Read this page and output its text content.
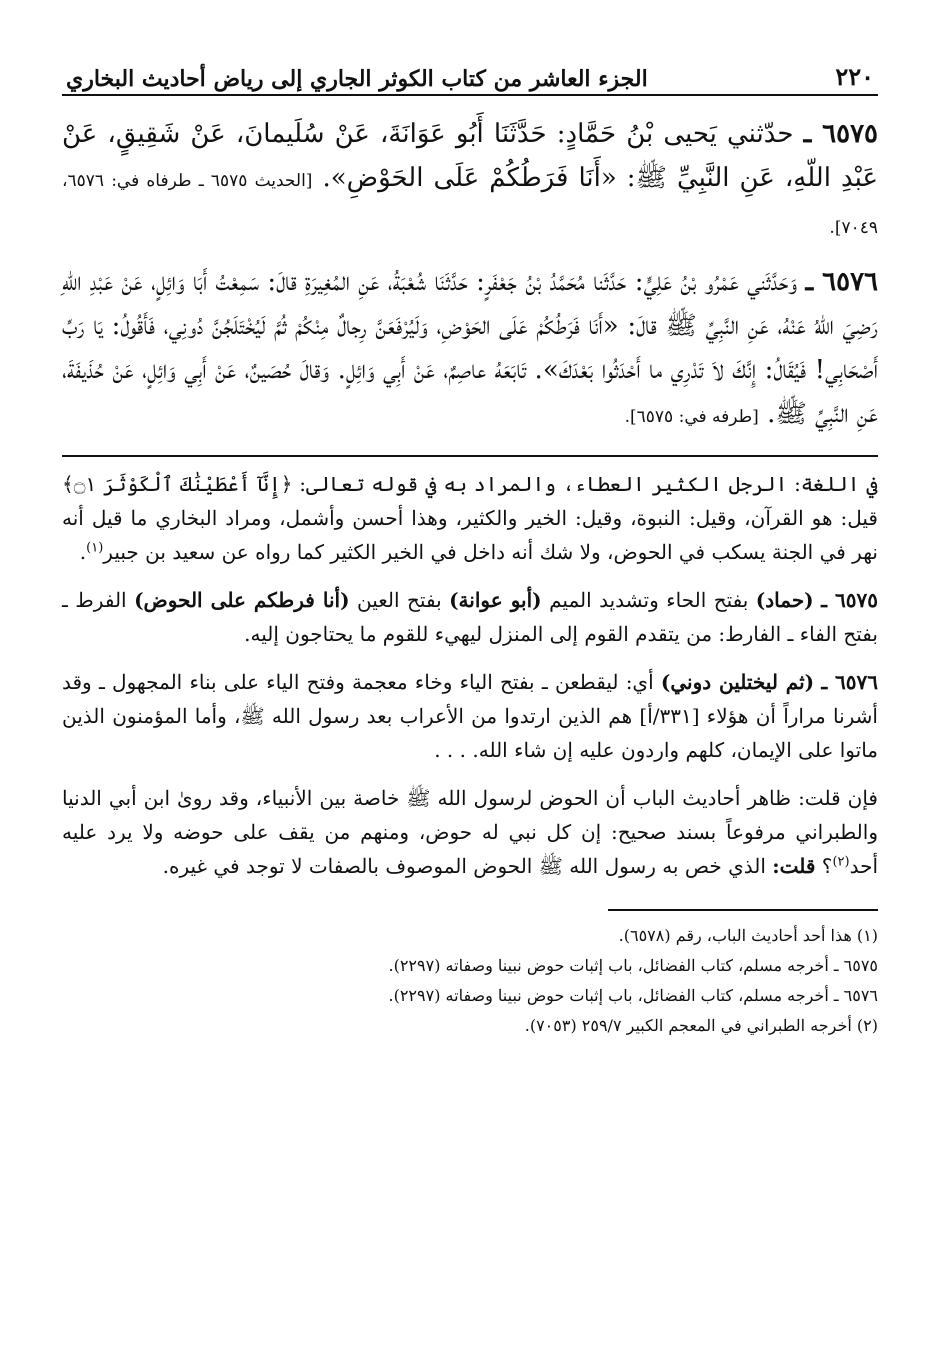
٢٢٠
الجزء العاشر من كتاب الكوثر الجاري إلى رياض أحاديث البخاري
٦٥٧٥ ـ حدّثني يَحيى بْنُ حَمَّادٍ: حَدَّثَنَا أَبُو عَوَانَةَ، عَنْ سُلَيمانَ، عَنْ شَقِيقٍ، عَنْ عَبْدِ اللّهِ، عَنِ النَّبِيِّ ﷺ: «أَنَا فَرَطُكُمْ عَلَى الحَوْضِ». [الحديث ٦٥٧٥ ـ طرفاه في: ٦٥٧٦، ٧٠٤٩].
٦٥٧٦ ـ وَحَدَّثَني عَمْرُو بْنُ عَلِيٍّ: حَدَّثَنا مُحَمَّدُ بْنُ جَعْفَرٍ: حَدَّثَنَا شُعْبَةُ، عَنِ المُغِيرَةِ قالَ: سَمِعْتُ أَبَا وَائِلٍ، عَنْ عَبْدِ اللّهِ رَضِيَ اللّهُ عَنْهُ، عَنِ النَّبِيِّ ﷺ قالَ: «أَنَا فَرَطُكُمْ عَلَى الحَوْضِ، وَلَيُرْفَعَنَّ رِجالٌ مِنْكُمْ ثُمَّ لَيُخْتَلَجُنَّ دُونِي، فَأَقُولُ: يَا رَبِّ أَصْحَابِي! فَيُقَالُ: إِنَّكَ لاَ تَدْرِي ما أَحْدَثُوا بَعْدَكَ». تَابَعَهُ عاصِمٌ، عَنْ أَبِي وَائِلٍ. وَقالَ حُصَينٌ، عَنْ أَبِي وَائِلٍ، عَنْ حُذَيفَةَ، عَنِ النَّبِيِّ ﷺ. [طرفه في: ٦٥٧٥].

في اللغة: الرجل الكثير العطاء، والمراد به في قوله تعالى: ﴿إِنَّآ أَعْطَيْنَٰكَ ٱلْكَوْثَرَ ۝١﴾ قيل: هو القرآن، وقيل: النبوة، وقيل: الخير والكثير، وهذا أحسن وأشمل، ومراد البخاري ما قيل أنه نهر في الجنة يسكب في الحوض، ولا شك أنه داخل في الخير الكثير كما رواه عن سعيد بن جبير$^{(١)}$.

٦٥٧٥ ـ (حماد) بفتح الحاء وتشديد الميم (أبو عوانة) بفتح العين (أنا فرطكم على الحوض) الفرط ـ بفتح الفاء ـ الفارط: من يتقدم القوم إلى المنزل ليهيء للقوم ما يحتاجون إليه.

٦٥٧٦ ـ (ثم ليختلين دوني) أي: ليقطعن ـ بفتح الياء وخاء معجمة وفتح الياء على بناء المجهول ـ وقد أشرنا مراراً أن هؤلاء [٣٣١/أ] هم الذين ارتدوا من الأعراب بعد رسول الله ﷺ، وأما المؤمنون الذين ماتوا على الإيمان، كلهم واردون عليه إن شاء الله. . . .

فإن قلت: ظاهر أحاديث الباب أن الحوض لرسول الله ﷺ خاصة بين الأنبياء، وقد روىٰ ابن أبي الدنيا والطبراني مرفوعاً بسند صحيح: إن كل نبي له حوض، ومنهم من يقف على حوضه ولا يرد عليه أحد$^{(٢)}$؟ قلت: الذي خص به رسول الله ﷺ الحوض الموصوف بالصفات لا توجد في غيره.

(١) هذا أحد أحاديث الباب، رقم (٦٥٧٨).
٦٥٧٥ ـ أخرجه مسلم، كتاب الفضائل، باب إثبات حوض نبينا وصفاته (٢٢٩٧).
٦٥٧٦ ـ أخرجه مسلم، كتاب الفضائل، باب إثبات حوض نبينا وصفاته (٢٢٩٧).
(٢) أخرجه الطبراني في المعجم الكبير ٢٥٩/٧ (٧٠٥٣).
